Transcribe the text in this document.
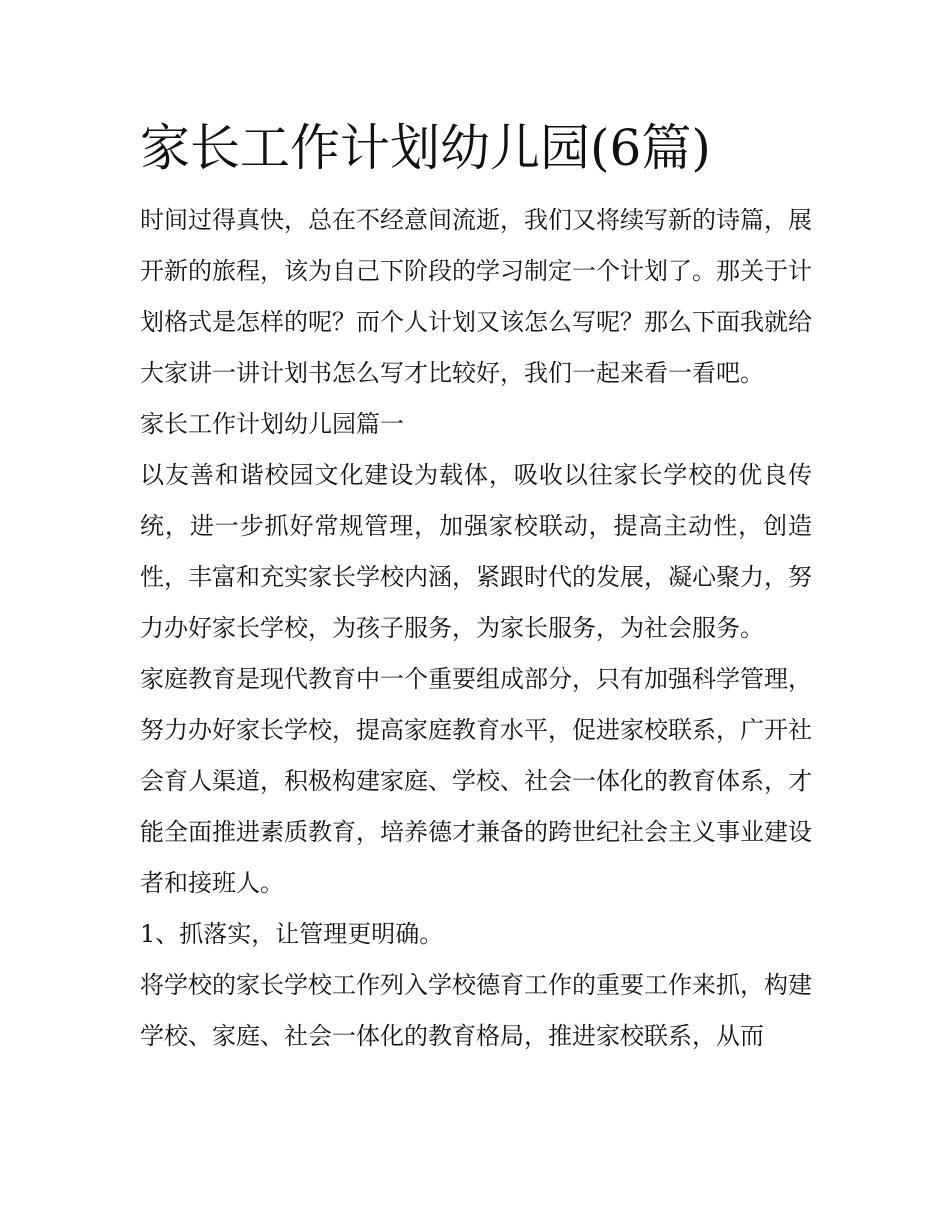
家长工作计划幼儿园(6篇)

时间过得真快，总在不经意间流逝，我们又将续写新的诗篇，展开新的旅程，该为自己下阶段的学习制定一个计划了。那关于计划格式是怎样的呢？而个人计划又该怎么写呢？那么下面我就给大家讲一讲计划书怎么写才比较好，我们一起来看一看吧。

家长工作计划幼儿园篇一

以友善和谐校园文化建设为载体，吸收以往家长学校的优良传统，进一步抓好常规管理，加强家校联动，提高主动性，创造性，丰富和充实家长学校内涵，紧跟时代的发展，凝心聚力，努力办好家长学校，为孩子服务，为家长服务，为社会服务。

家庭教育是现代教育中一个重要组成部分，只有加强科学管理，努力办好家长学校，提高家庭教育水平，促进家校联系，广开社会育人渠道，积极构建家庭、学校、社会一体化的教育体系，才能全面推进素质教育，培养德才兼备的跨世纪社会主义事业建设者和接班人。

1、抓落实，让管理更明确。

将学校的家长学校工作列入学校德育工作的重要工作来抓，构建学校、家庭、社会一体化的教育格局，推进家校联系，从而
